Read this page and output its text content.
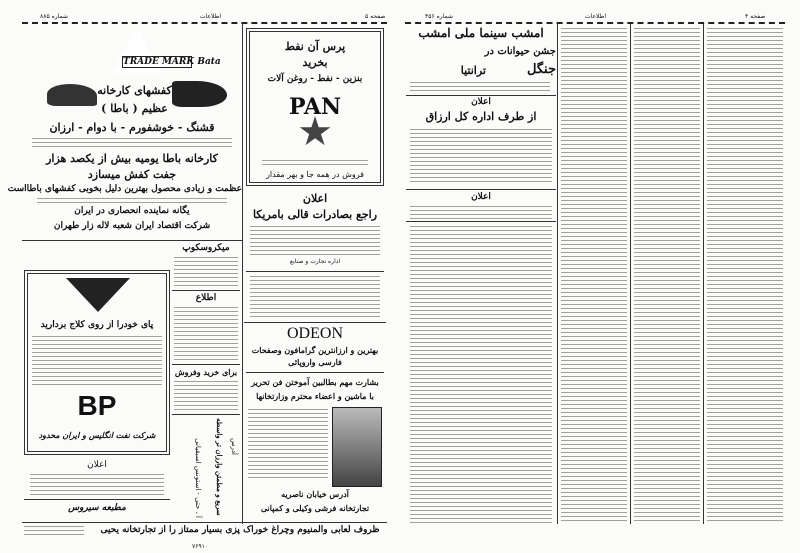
شماره ۸۸۵	اطلاعات	صفحه ۵	شماره ۴۵۶	اطلاعات	صفحه ۴
TRADE MARK Bata
کفشهای کارخانه
عظیم ( باطا )
قشنگ - خوشفورم - با دوام - ارزان
کارخانه باطا یومیه بیش از یکصد هزار
جفت کفش میسازد
عظمت و زیادی محصول بهترین دلیل بخوبی کفشهای باطااست
یگانه نماینده انحصاری در ایران
شرکت اقتصاد ایران شعبه لاله زار طهران
پرس آن نفط
بخرید
بنزین - نفط - روغن آلات
PAN
★
فروش در همه جا و بهر مقدار
اعلان
راجع بصادرات قالی بامریکا
اداره تجارت و صنایع
ODEON
بهترین و ارزانترین گرامافون وصفحات
فارسی واروپائی
بشارت مهم بطالبین آموختن فن تحریر
با ماشین و اعضاء محترم وزارتخانها
آدرس خیابان ناصریه
تجارتخانه فرشی وکیلی و کمپانی
میکروسکوپ
اطلاع
برای خرید وفروش
آ . حتی - استونس اسبقیانی سریع و مطمئن وارزان تر واسطه آدرس
پای خودرا از روی کلاج بردارید
BP
شرکت نفت انگلیس و ایران محدود
اعلان
مطبعه سیروس
ظروف لعابی والمنیوم وچراغ خوراک پزی بسیار ممتاز را از تجارتخانه یحیی
۷۶۹۱۰
امشب سینما ملی امشب
جشن حیوانات در
جنگل
ترانتیا
اعلان
از طرف اداره کل ارزاق
اعلان
